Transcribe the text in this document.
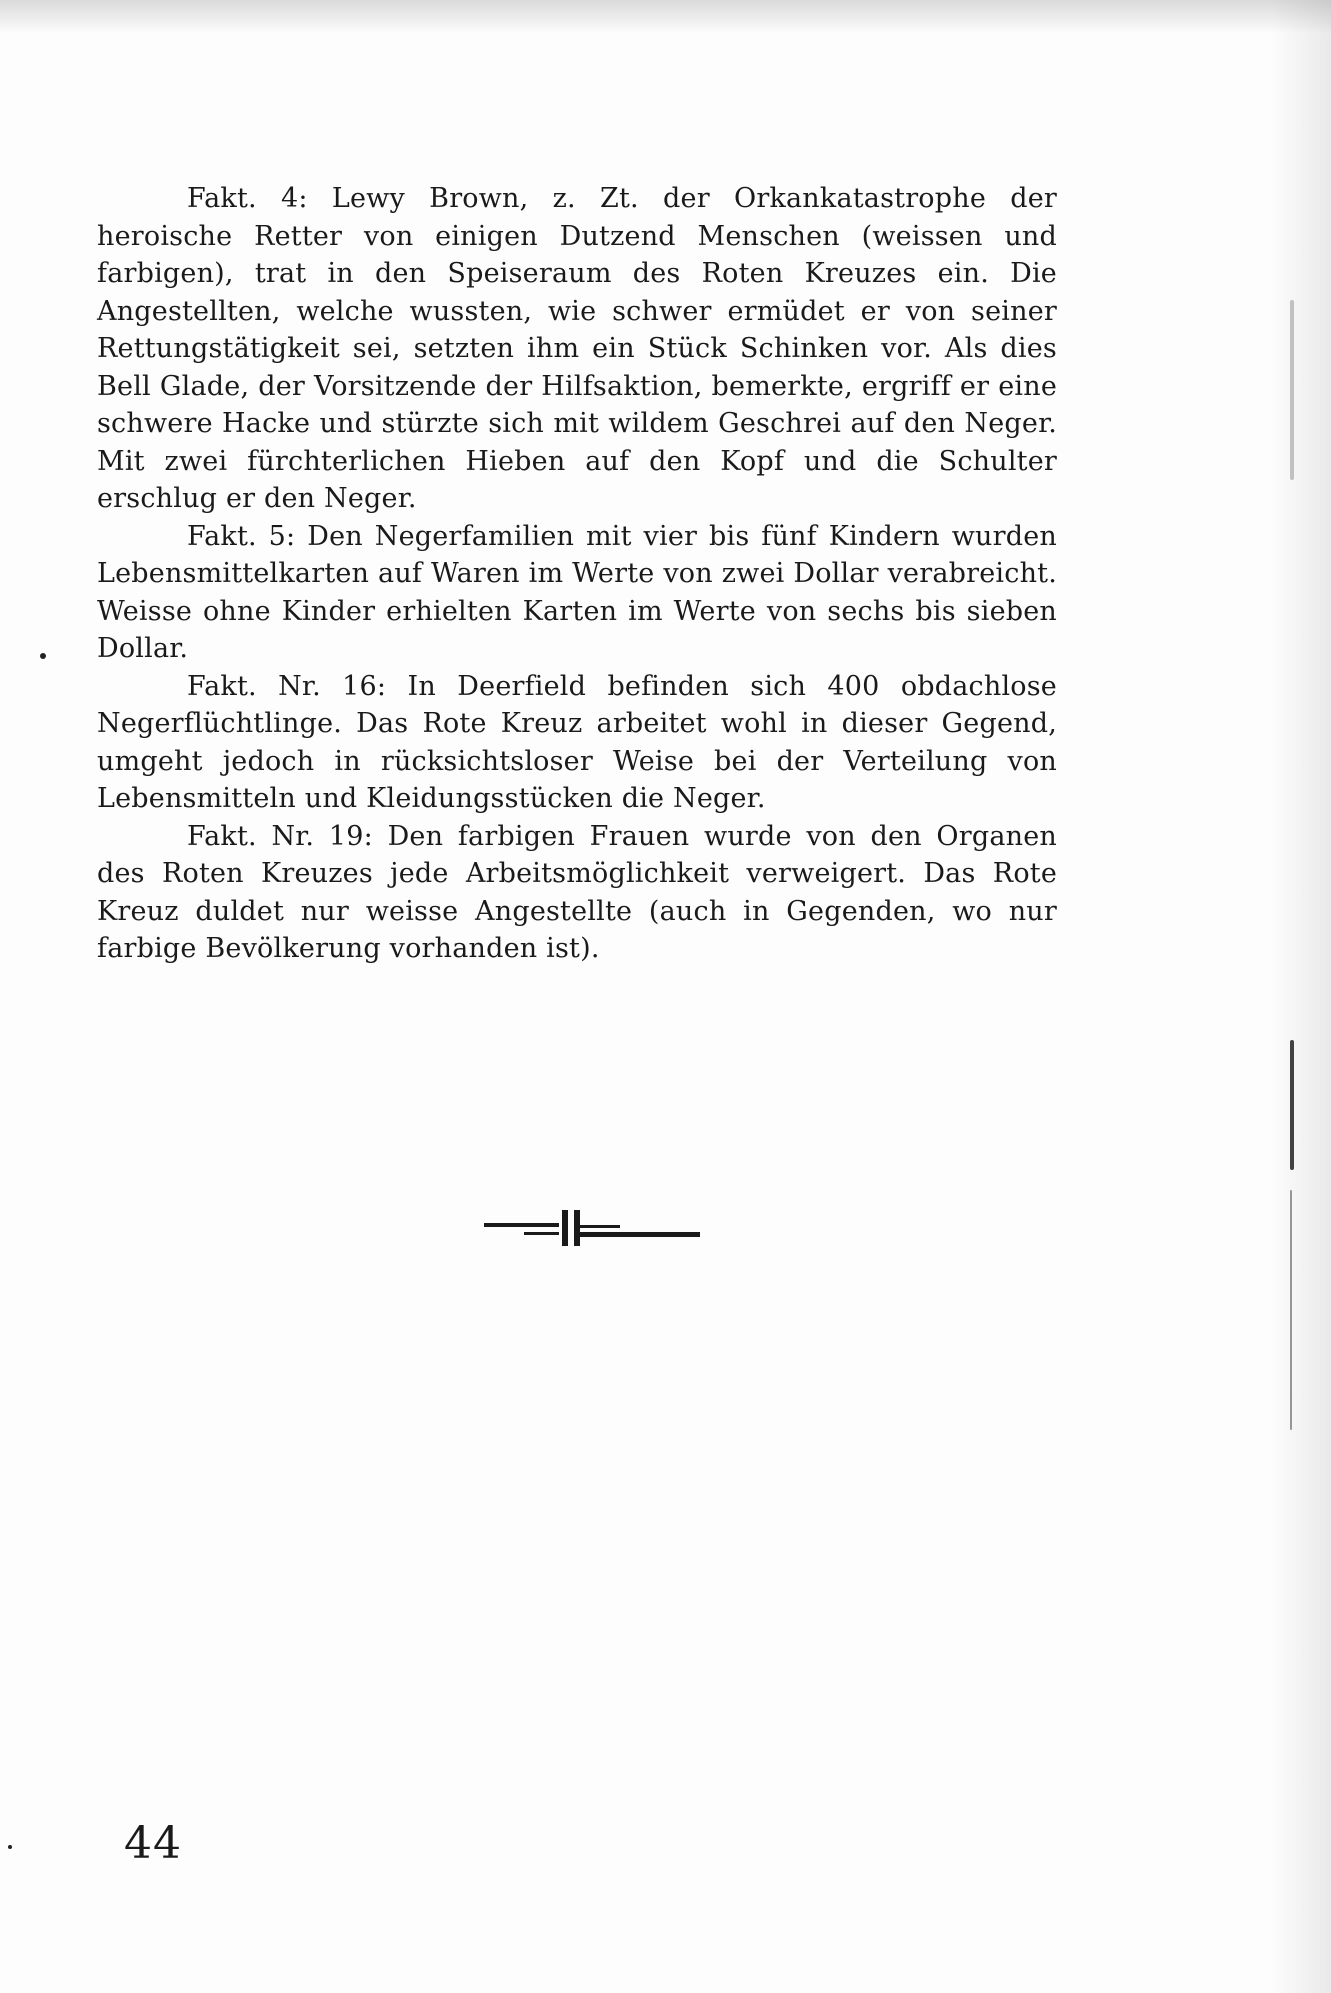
Fakt. 4: Lewy Brown, z. Zt. der Orkankatastrophe der heroische Retter von einigen Dutzend Menschen (weissen und farbigen), trat in den Speiseraum des Roten Kreuzes ein. Die Angestellten, welche wussten, wie schwer ermüdet er von seiner Rettungstätigkeit sei, setzten ihm ein Stück Schinken vor. Als dies Bell Glade, der Vorsitzende der Hilfsaktion, bemerkte, ergriff er eine schwere Hacke und stürzte sich mit wildem Geschrei auf den Neger. Mit zwei fürchterlichen Hieben auf den Kopf und die Schulter erschlug er den Neger.

Fakt. 5: Den Negerfamilien mit vier bis fünf Kindern wurden Lebensmittelkarten auf Waren im Werte von zwei Dollar verabreicht. Weisse ohne Kinder erhielten Karten im Werte von sechs bis sieben Dollar.

Fakt. Nr. 16: In Deerfield befinden sich 400 obdachlose Negerflüchtlinge. Das Rote Kreuz arbeitet wohl in dieser Gegend, umgeht jedoch in rücksichtsloser Weise bei der Verteilung von Lebensmitteln und Kleidungsstücken die Neger.

Fakt. Nr. 19: Den farbigen Frauen wurde von den Organen des Roten Kreuzes jede Arbeitsmöglichkeit verweigert. Das Rote Kreuz duldet nur weisse Angestellte (auch in Gegenden, wo nur farbige Bevölkerung vorhanden ist).

44
